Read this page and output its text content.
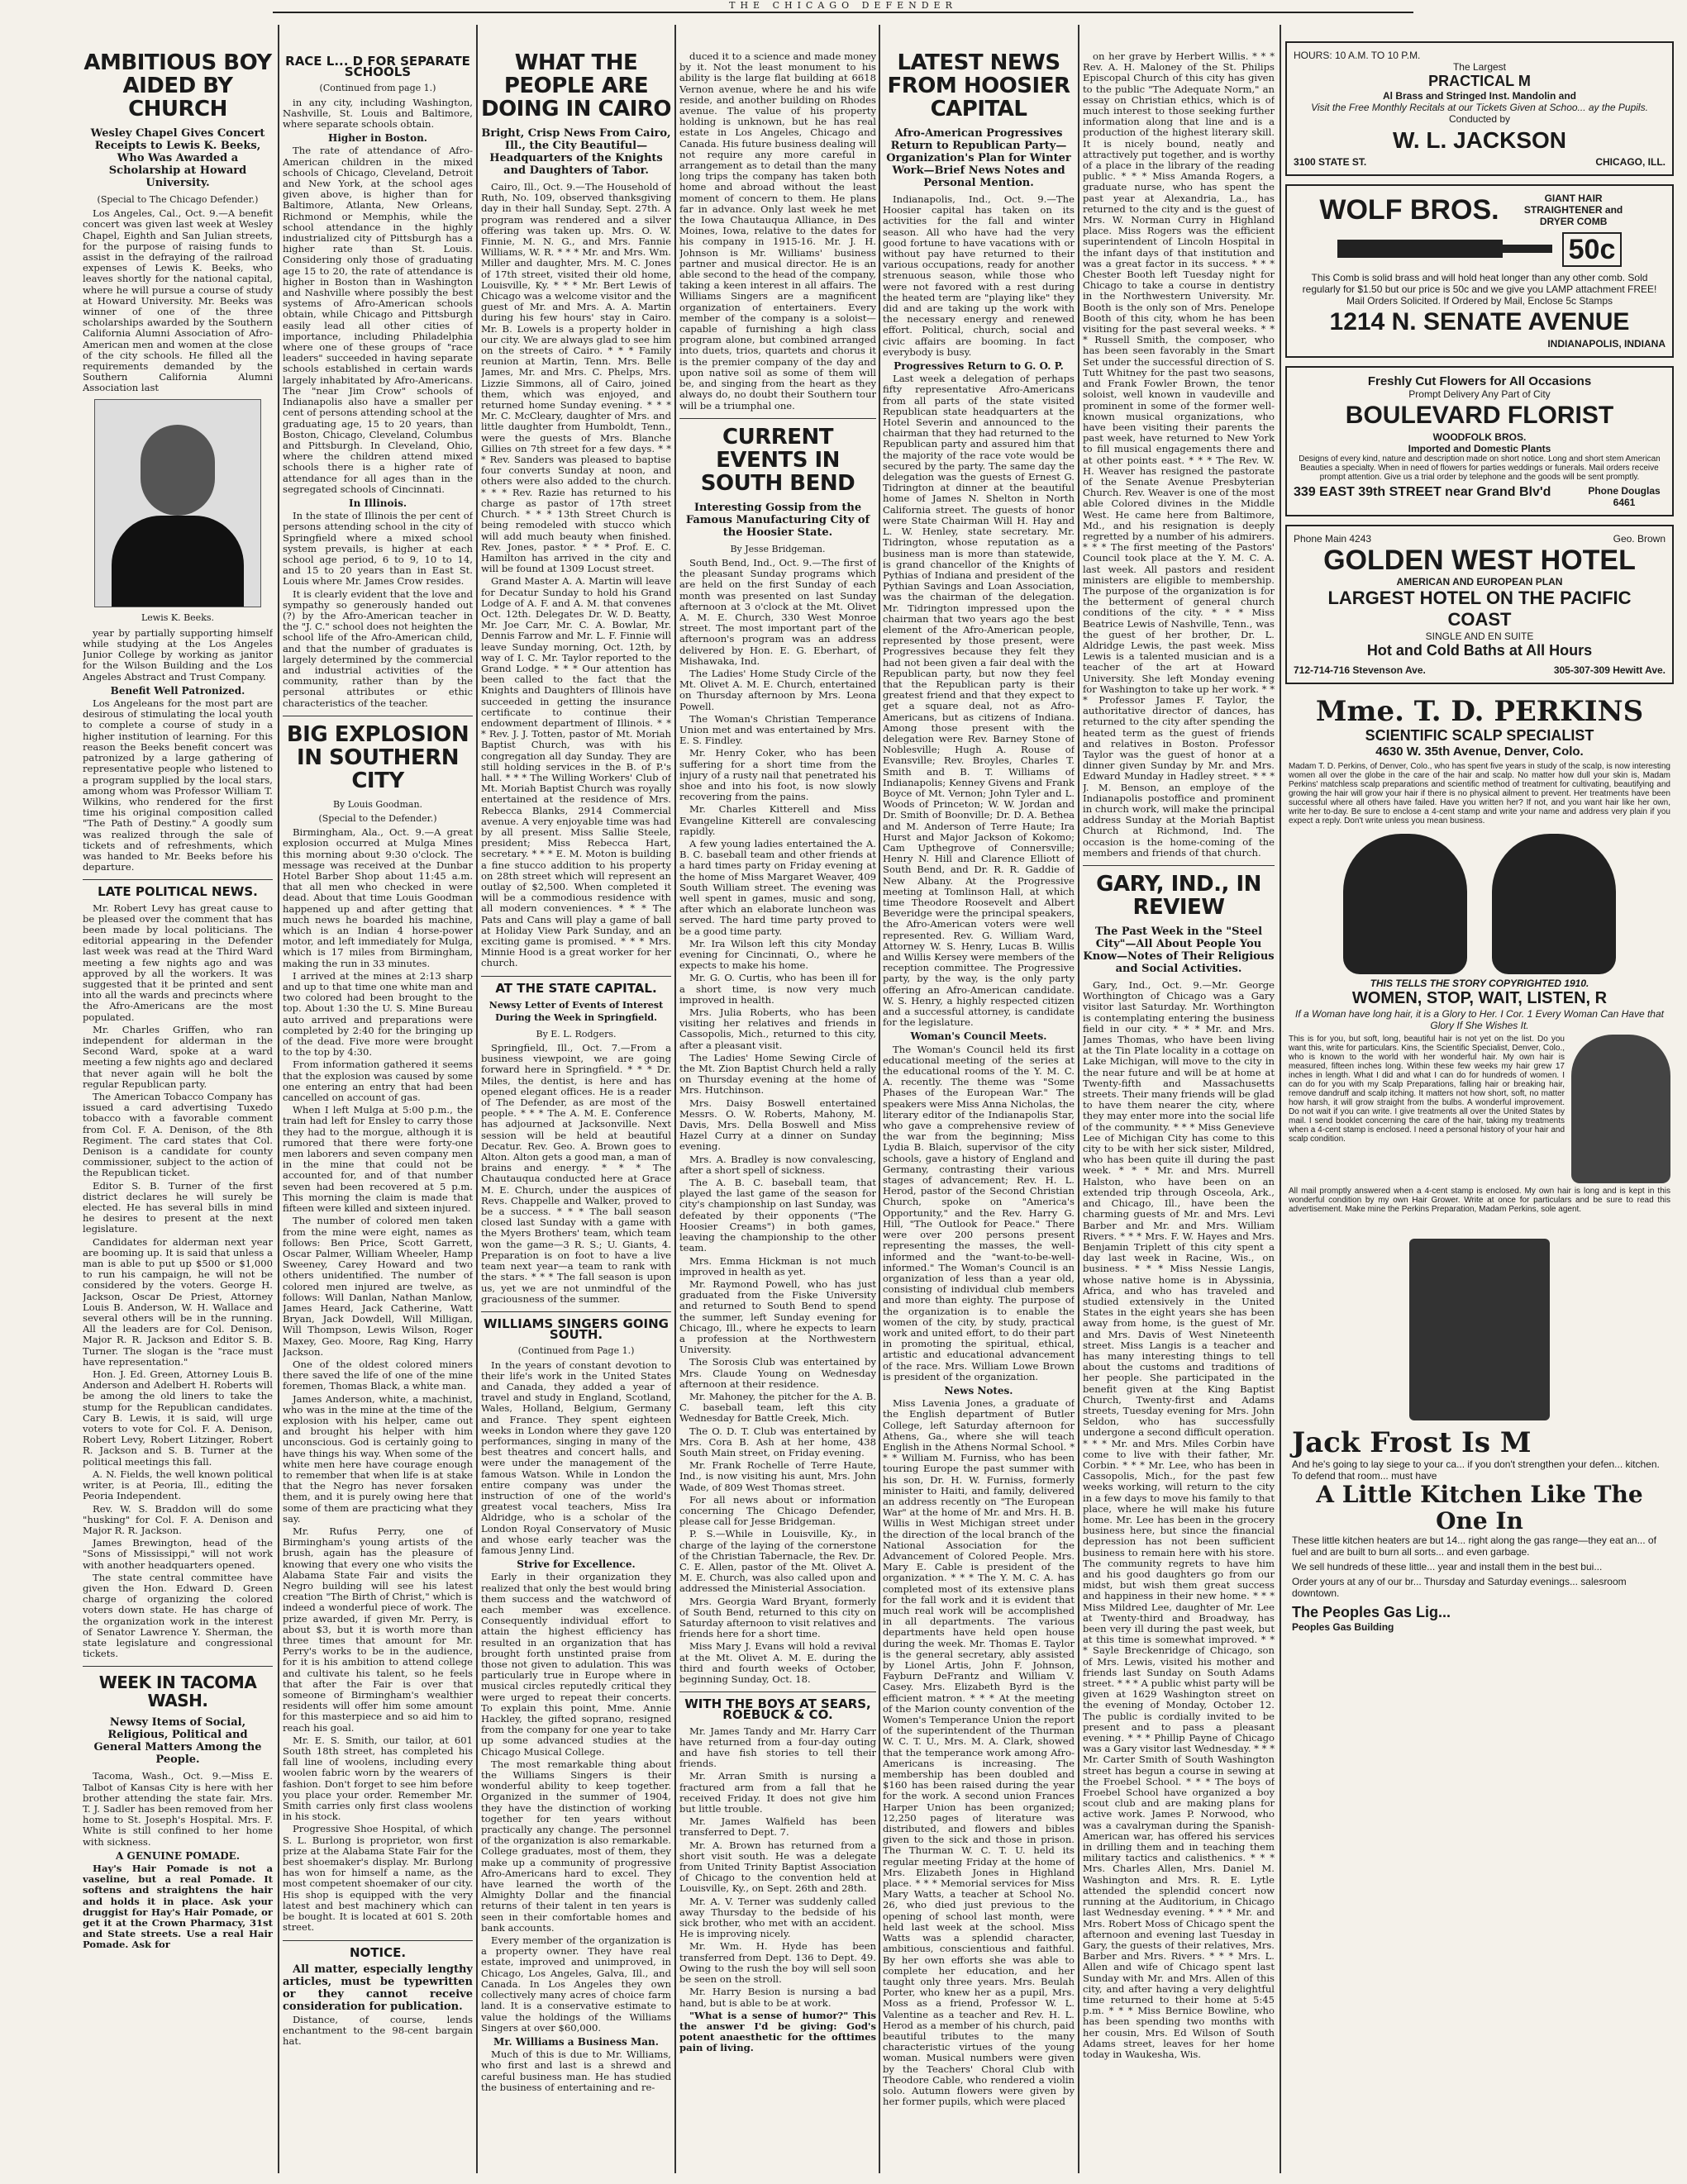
THE CHICAGO DEFENDER
AMBITIOUS BOY AIDED BY CHURCH
Wesley Chapel Gives Concert Receipts to Lewis K. Beeks, Who Was Awarded a Scholarship at Howard University.
(Special to The Chicago Defender.)

Los Angeles, Cal., Oct. 9.—A benefit concert was given last week at Wesley Chapel, Eighth and San Julian streets, for the purpose of raising funds to assist in the defraying of the railroad expenses of Lewis K. Beeks, who leaves shortly for the national capital, where he will pursue a course of study at Howard University. Mr. Beeks was winner of one of the three scholarships awarded by the Southern California Alumni Association of Afro-American men and women at the close of the city schools. He filled all the requirements demanded by the Southern California Alumni Association last

Lewis K. Beeks.

year by partially supporting himself while studying at the Los Angeles Junior College by working as janitor for the Wilson Building and the Los Angeles Abstract and Trust Company.

Benefit Well Patronized.

Los Angeleans for the most part are desirous of stimulating the local youth to complete a course of study in a higher institution of learning. For this reason the Beeks benefit concert was patronized by a large gathering of representative people who listened to a program supplied by the local stars, among whom was Professor William T. Wilkins, who rendered for the first time his original composition called "The Path of Destiny." A goodly sum was realized through the sale of tickets and of refreshments, which was handed to Mr. Beeks before his departure.

LATE POLITICAL NEWS.

Mr. Robert Levy has great cause to be pleased over the comment that has been made by local politicians. The editorial appearing in the Defender last week was read at the Third Ward meeting a few nights ago and was approved by all the workers. It was suggested that it be printed and sent into all the wards and precincts where the Afro-Americans are the most populated.

Mr. Charles Griffen, who ran independent for alderman in the Second Ward, spoke at a ward meeting a few nights ago and declared that never again will he bolt the regular Republican party.

The American Tobacco Company has issued a card advertising Tuxedo tobacco with a favorable comment from Col. F. A. Denison, of the 8th Regiment. The card states that Col. Denison is a candidate for county commissioner, subject to the action of the Republican ticket.

Editor S. B. Turner of the first district declares he will surely be elected. He has several bills in mind he desires to present at the next legislature.

Candidates for alderman next year are booming up. It is said that unless a man is able to put up $500 or $1,000 to run his campaign, he will not be considered by the voters. George H. Jackson, Oscar De Priest, Attorney Louis B. Anderson, W. H. Wallace and several others will be in the running. All the leaders are for Col. Denison, Major R. R. Jackson and Editor S. B. Turner. The slogan is the "race must have representation."

Hon. J. Ed. Green, Attorney Louis B. Anderson and Adelbert H. Roberts will be among the old liners to take the stump for the Republican candidates. Cary B. Lewis, it is said, will urge voters to vote for Col. F. A. Denison, Robert Levy, Robert Litzinger, Robert R. Jackson and S. B. Turner at the political meetings this fall.

A. N. Fields, the well known political writer, is at Peoria, Ill., editing the Peoria Independent.

Rev. W. S. Braddon will do some "husking" for Col. F. A. Denison and Major R. R. Jackson.

James Brewington, head of the "Sons of Mississippi," will not work with another headquarters opened.

The state central committee have given the Hon. Edward D. Green charge of organizing the colored voters down state. He has charge of the organization work in the interest of Senator Lawrence Y. Sherman, the state legislature and congressional tickets.

WEEK IN TACOMA WASH.
Newsy Items of Social, Religious, Political and General Matters Among the People.

Tacoma, Wash., Oct. 9.—Miss E. Talbot of Kansas City is here with her brother attending the state fair. Mrs. T. J. Sadler has been removed from her home to St. Joseph's Hospital. Mrs. F. White is still confined to her home with sickness.

A GENUINE POMADE.

Hay's Hair Pomade is not a vaseline, but a real Pomade. It softens and straightens the hair and holds it in place. Ask your druggist for Hay's Hair Pomade, or get it at the Crown Pharmacy, 31st and State streets. Use a real Hair Pomade. Ask for

RACE L... D FOR SEPARATE SCHOOLS
(Continued from page 1.)

in any city, including Washington, Nashville, St. Louis and Baltimore, where separate schools obtain.

Higher in Boston.

The rate of attendance of Afro-American children in the mixed schools of Chicago, Cleveland, Detroit and New York, at the school ages given above, is higher than for Baltimore, Atlanta, New Orleans, Richmond or Memphis, while the school attendance in the highly industrialized city of Pittsburgh has a higher rate than St. Louis. Considering only those of graduating age 15 to 20, the rate of attendance is higher in Boston than in Washington and Nashville where possibly the best systems of Afro-American schools obtain, while Chicago and Pittsburgh easily lead all other cities of importance, including Philadelphia where one of these groups of "race leaders" succeeded in having separate schools established in certain wards largely inhabitated by Afro-Americans. The "near Jim Crow" schools of Indianapolis also have a smaller per cent of persons attending school at the graduating age, 15 to 20 years, than Boston, Chicago, Cleveland, Columbus and Pittsburgh. In Cleveland, Ohio, where the children attend mixed schools there is a higher rate of attendance for all ages than in the segregated schools of Cincinnati.

In Illinois.

In the state of Illinois the per cent of persons attending school in the city of Springfield where a mixed school system prevails, is higher at each school age period, 6 to 9, 10 to 14, and 15 to 20 years than in East St. Louis where Mr. James Crow resides.

It is clearly evident that the love and sympathy so generously handed out (?) by the Afro-American teacher in the "J. C." school does not heighten the school life of the Afro-American child, and that the number of graduates is largely determined by the commercial and industrial activities of the community, rather than by the personal attributes or ethic characteristics of the teacher.

BIG EXPLOSION IN SOUTHERN CITY
By Louis Goodman.
(Special to the Defender.)

Birmingham, Ala., Oct. 9.—A great explosion occurred at Mulga Mines this morning about 9:30 o'clock. The message was received at the Dunbar Hotel Barber Shop about 11:45 a.m. that all men who checked in were dead. About that time Louis Goodman happened up and after getting that much news he boarded his machine, which is an Indian 4 horse-power motor, and left immediately for Mulga, which is 17 miles from Birmingham, making the run in 33 minutes.

I arrived at the mines at 2:13 sharp and up to that time one white man and two colored had been brought to the top. About 1:30 the U. S. Mine Bureau auto arrived and preparations were completed by 2:40 for the bringing up of the dead. Five more were brought to the top by 4:30.

From information gathered it seems that the explosion was caused by some one entering an entry that had been cancelled on account of gas.

When I left Mulga at 5:00 p.m., the train had left for Ensley to carry those they had to the morgue, although it is rumored that there were forty-one men laborers and seven company men in the mine that could not be accounted for, and of that number seven had been recovered at 5 p.m. This morning the claim is made that fifteen were killed and sixteen injured.

The number of colored men taken from the mine were eight, names as follows: Ben Price, Scott Garrett, Oscar Palmer, William Wheeler, Hamp Sweeney, Carey Howard and two others unidentified. The number of colored men injured are twelve, as follows: Will Danlan, Nathan Manlow, James Heard, Jack Catherine, Watt Bryan, Jack Dowdell, Will Milligan, Will Thompson, Lewis Wilson, Roger Maxey, Geo. Moore, Rag King, Harry Jackson.

One of the oldest colored miners there saved the life of one of the mine foremen, Thomas Black, a white man.

James Anderson, white, a machinist, who was in the mine at the time of the explosion with his helper, came out and brought his helper with him unconscious. God is certainly going to have things his way. When some of the white men here have courage enough to remember that when life is at stake that the Negro has never forsaken them, and it is purely owing here that some of them are practicing what they say.

Mr. Rufus Perry, one of Birmingham's young artists of the brush, again has the pleasure of knowing that every one who visits the Alabama State Fair and visits the Negro building will see his latest creation "The Birth of Christ," which is indeed a wonderful piece of work. The prize awarded, if given Mr. Perry, is about $3, but it is worth more than three times that amount for Mr. Perry's works to be in the audience, for it is his ambition to attend college and cultivate his talent, so he feels that after the Fair is over that someone of Birmingham's wealthier residents will offer him some amount for this masterpiece and so aid him to reach his goal.

Mr. E. S. Smith, our tailor, at 601 South 18th street, has completed his fall line of woolens, including every woolen fabric worn by the wearers of fashion. Don't forget to see him before you place your order. Remember Mr. Smith carries only first class woolens in his stock.

Progressive Shoe Hospital, of which S. L. Burlong is proprietor, won first prize at the Alabama State Fair for the best shoemaker's display. Mr. Burlong has won for himself a name, as the most competent shoemaker of our city. His shop is equipped with the very latest and best machinery which can be bought. It is located at 601 S. 20th street.

NOTICE.

All matter, especially lengthy articles, must be typewritten or they cannot receive consideration for publication.

Distance, of course, lends enchantment to the 98-cent bargain hat.

WHAT THE PEOPLE ARE DOING IN CAIRO
Bright, Crisp News From Cairo, Ill., the City Beautiful—Headquarters of the Knights and Daughters of Tabor.

Cairo, Ill., Oct. 9.—The Household of Ruth, No. 109, observed thanksgiving day in their hall Sunday, Sept. 27th. A program was rendered and a silver offering was taken up. Mrs. O. W. Finnie, M. N. G., and Mrs. Fannie Williams, W. R. * * * Mr. and Mrs. Wm. Miller and daughter, Mrs. M. C. Jones of 17th street, visited their old home, Louisville, Ky. * * * Mr. Bert Lewis of Chicago was a welcome visitor and the guest of Mr. and Mrs. A. A. Martin during his few hours' stay in Cairo. Mr. B. Lowels is a property holder in our city. We are always glad to see him on the streets of Cairo. * * * Family reunion at Martin, Tenn. Mrs. Belle James, Mr. and Mrs. C. Phelps, Mrs. Lizzie Simmons, all of Cairo, joined them, which was enjoyed, and returned home Sunday evening. * * * Mr. C. McCleary, daughter of Mrs. and little daughter from Humboldt, Tenn., were the guests of Mrs. Blanche Gillies on 7th street for a few days. * * * Rev. Sanders was pleased to baptise four converts Sunday at noon, and others were also added to the church. * * * Rev. Razie has returned to his charge as pastor of 17th street Church. * * * 13th Street Church is being remodeled with stucco which will add much beauty when finished. Rev. Jones, pastor. * * * Prof. E. C. Hamilton has arrived in the city and will be found at 1309 Locust street.

Grand Master A. A. Martin will leave for Decatur Sunday to hold his Grand Lodge of A. F. and A. M. that convenes Oct. 12th. Delegates Dr. W. D. Beatty, Mr. Joe Carr, Mr. C. A. Bowlar, Mr. Dennis Farrow and Mr. L. F. Finnie will leave Sunday morning, Oct. 12th, by way of I. C. Mr. Taylor reported to the Grand Lodge. * * * Our attention has been called to the fact that the Knights and Daughters of Illinois have succeeded in getting the insurance certificate to continue their endowment department of Illinois. * * * Rev. J. J. Totten, pastor of Mt. Moriah Baptist Church, was with his congregation all day Sunday. They are still holding services in the B. of P.'s hall. * * * The Willing Workers' Club of Mt. Moriah Baptist Church was royally entertained at the residence of Mrs. Rebecca Blanks, 2914 Commercial avenue. A very enjoyable time was had by all present. Miss Sallie Steele, president; Miss Rebecca Hart, secretary. * * * E. M. Moton is building a fine stucco addition to his property on 28th street which will represent an outlay of $2,500. When completed it will be a commodious residence with all modern conveniences. * * * The Pats and Cans will play a game of ball at Holiday View Park Sunday, and an exciting game is promised. * * * Mrs. Minnie Hood is a great worker for her church.

AT THE STATE CAPITAL.
Newsy Letter of Events of Interest During the Week in Springfield.
By E. L. Rodgers.

Springfield, Ill., Oct. 7.—From a business viewpoint, we are going forward here in Springfield. * * * Dr. Miles, the dentist, is here and has opened elegant offices. He is a reader of The Defender, as are most of the people. * * * The A. M. E. Conference has adjourned at Jacksonville. Next session will be held at beautiful Decatur. Rev. Geo. A. Brown goes to Alton. Alton gets a good man, a man of brains and energy. * * * The Chautauqua conducted here at Grace M. E. Church, under the auspices of Revs. Chappelle and Walker, proved to be a success. * * * The ball season closed last Sunday with a game with the Myers Brothers' team, which team won the game—3 R. S.; U. Giants, 4. Preparation is on foot to have a live team next year—a team to rank with the stars. * * * The fall season is upon us, yet we are not unmindful of the graciousness of the summer.

WILLIAMS SINGERS GOING SOUTH.
(Continued from Page 1.)

In the years of constant devotion to their life's work in the United States and Canada, they added a year of travel and study in England, Scotland, Wales, Holland, Belgium, Germany and France. They spent eighteen weeks in London where they gave 120 performances, singing in many of the best theatres and concert halls, and were under the management of the famous Watson. While in London the entire company was under the instruction of one of the world's greatest vocal teachers, Miss Ira Aldridge, who is a scholar of the London Royal Conservatory of Music and whose early teacher was the famous Jenny Lind.

Strive for Excellence.

Early in their organization they realized that only the best would bring them success and the watchword of each member was excellence. Consequently individual effort to attain the highest efficiency has resulted in an organization that has brought forth unstinted praise from those not given to adulation. This was particularly true in Europe where in musical circles reputedly critical they were urged to repeat their concerts. To explain this point, Mme. Annie Hackley, the gifted soprano, resigned from the company for one year to take up some advanced studies at the Chicago Musical College.

The most remarkable thing about the Williams Singers is their wonderful ability to keep together. Organized in the summer of 1904, they have the distinction of working together for ten years without practically any change. The personnel of the organization is also remarkable. College graduates, most of them, they make up a community of progressive Afro-Americans hard to excel. They have learned the worth of the Almighty Dollar and the financial returns of their talent in ten years is seen in their comfortable homes and bank accounts.

Every member of the organization is a property owner. They have real estate, improved and unimproved, in Chicago, Los Angeles, Galva, Ill., and Canada. In Los Angeles they own collectively many acres of choice farm land. It is a conservative estimate to value the holdings of the Williams Singers at over $60,000.

Mr. Williams a Business Man.

Much of this is due to Mr. Williams, who first and last is a shrewd and careful business man. He has studied the business of entertaining and re-

duced it to a science and made money by it. Not the least monument to his ability is the large flat building at 6618 Vernon avenue, where he and his wife reside, and another building on Rhodes avenue. The value of his property holding is unknown, but he has real estate in Los Angeles, Chicago and Canada. His future business dealing will not require any more careful in arrangement as to detail than the many long trips the company has taken both home and abroad without the least moment of concern to them. He plans far in advance. Only last week he met the Iowa Chautauqua Alliance, in Des Moines, Iowa, relative to the dates for his company in 1915-16. Mr. J. H. Johnson is Mr. Williams' business partner and musical director. He is an able second to the head of the company, taking a keen interest in all affairs. The Williams Singers are a magnificent organization of entertainers. Every member of the company is a soloist—capable of furnishing a high class program alone, but combined arranged into duets, trios, quartets and chorus it is the premier company of the day and upon native soil as some of them will be, and singing from the heart as they always do, no doubt their Southern tour will be a triumphal one.

CURRENT EVENTS IN SOUTH BEND
Interesting Gossip from the Famous Manufacturing City of the Hoosier State.
By Jesse Bridgeman.

South Bend, Ind., Oct. 9.—The first of the pleasant Sunday programs which are held on the first Sunday of each month was presented on last Sunday afternoon at 3 o'clock at the Mt. Olivet A. M. E. Church, 330 West Monroe street. The most important part of the afternoon's program was an address delivered by Hon. E. G. Eberhart, of Mishawaka, Ind.

The Ladies' Home Study Circle of the Mt. Olivet A. M. E. Church, entertained on Thursday afternoon by Mrs. Leona Powell.

The Woman's Christian Temperance Union met and was entertained by Mrs. E. S. Findley.

Mr. Henry Coker, who has been suffering for a short time from the injury of a rusty nail that penetrated his shoe and into his foot, is now slowly recovering from the pains.

Mr. Charles Kitterell and Miss Evangeline Kitterell are convalescing rapidly.

A few young ladies entertained the A. B. C. baseball team and other friends at a hard times party on Friday evening at the home of Miss Margaret Weaver, 409 South William street. The evening was well spent in games, music and song, after which an elaborate luncheon was served. The hard time party proved to be a good time party.

Mr. Ira Wilson left this city Monday evening for Cincinnati, O., where he expects to make his home.

Mr. G. O. Curtis, who has been ill for a short time, is now very much improved in health.

Mrs. Julia Roberts, who has been visiting her relatives and friends in Cassopolis, Mich., returned to this city, after a pleasant visit.

The Ladies' Home Sewing Circle of the Mt. Zion Baptist Church held a rally on Thursday evening at the home of Mrs. Hutchinson.

Mrs. Daisy Boswell entertained Messrs. O. W. Roberts, Mahony, M. Davis, Mrs. Della Boswell and Miss Hazel Curry at a dinner on Sunday evening.

Mrs. A. Bradley is now convalescing, after a short spell of sickness.

The A. B. C. baseball team, that played the last game of the season for city's championship on last Sunday, was defeated by their opponents ("The Hoosier Creams") in both games, leaving the championship to the other team.

Mrs. Emma Hickman is not much improved in health as yet.

Mr. Raymond Powell, who has just graduated from the Fiske University and returned to South Bend to spend the summer, left Sunday evening for Chicago, Ill., where he expects to learn a profession at the Northwestern University.

The Sorosis Club was entertained by Mrs. Claude Young on Wednesday afternoon at their residence.

Mr. Mahoney, the pitcher for the A. B. C. baseball team, left this city Wednesday for Battle Creek, Mich.

The O. D. T. Club was entertained by Mrs. Cora B. Ash at her home, 438 South Main street, on Friday evening.

Mr. Frank Rochelle of Terre Haute, Ind., is now visiting his aunt, Mrs. John Wade, of 809 West Thomas street.

For all news about or information concerning The Chicago Defender, please call for Jesse Bridgeman.

P. S.—While in Louisville, Ky., in charge of the laying of the cornerstone of the Christian Tabernacle, the Rev. Dr. C. E. Allen, pastor of the Mt. Olivet A. M. E. Church, was also called upon and addressed the Ministerial Association.

Mrs. Georgia Ward Bryant, formerly of South Bend, returned to this city on Saturday afternoon to visit relatives and friends here for a short time.

Miss Mary J. Evans will hold a revival at the Mt. Olivet A. M. E. during the third and fourth weeks of October, beginning Sunday, Oct. 18.

WITH THE BOYS AT SEARS, ROEBUCK & CO.

Mr. James Tandy and Mr. Harry Carr have returned from a four-day outing and have fish stories to tell their friends.

Mr. Arran Smith is nursing a fractured arm from a fall that he received Friday. It does not give him but little trouble.

Mr. James Walfield has been transferred to Dept. 7.

Mr. A. Brown has returned from a short visit south. He was a delegate from United Trinity Baptist Association of Chicago to the convention held at Louisville, Ky., on Sept. 26th and 28th.

Mr. A. V. Terner was suddenly called away Thursday to the bedside of his sick brother, who met with an accident. He is improving nicely.

Mr. Wm. H. Hyde has been transferred from Dept. 136 to Dept. 49. Owing to the rush the boy will sell soon be seen on the stroll.

Mr. Harry Besion is nursing a bad hand, but is able to be at work.

"What is a sense of humor?" This the answer I'd be giving: God's potent anaesthetic for the ofttimes pain of living.

LATEST NEWS FROM HOOSIER CAPITAL
Afro-American Progressives Return to Republican Party—Organization's Plan for Winter Work—Brief News Notes and Personal Mention.

Indianapolis, Ind., Oct. 9.—The Hoosier capital has taken on its activities for the fall and winter season. All who have had the very good fortune to have vacations with or without pay have returned to their various occupations, ready for another strenuous season, while those who were not favored with a rest during the heated term are "playing like" they did and are taking up the work with the necessary energy and renewed effort. Political, church, social and civic affairs are booming. In fact everybody is busy.

Progressives Return to G. O. P.

Last week a delegation of perhaps fifty representative Afro-Americans from all parts of the state visited Republican state headquarters at the Hotel Severin and announced to the chairman that they had returned to the Republican party and assured him that the majority of the race vote would be secured by the party. The same day the delegation was the guests of Ernest G. Tidrington at dinner at the beautiful home of James N. Shelton in North California street. The guests of honor were State Chairman Will H. Hay and L. W. Henley, state secretary. Mr. Tidrington, whose reputation as a business man is more than statewide, is grand chancellor of the Knights of Pythias of Indiana and president of the Pythian Savings and Loan Association, was the chairman of the delegation. Mr. Tidrington impressed upon the chairman that two years ago the best element of the Afro-American people, represented by those present, were Progressives because they felt they had not been given a fair deal with the Republican party, but now they feel that the Republican party is their greatest friend and that they expect to get a square deal, not as Afro-Americans, but as citizens of Indiana. Among those present with the delegation were Rev. Barney Stone of Noblesville; Hugh A. Rouse of Evansville; Rev. Broyles, Charles T. Smith and B. T. Williams of Indianapolis; Kenney Givens and Frank Boyce of Mt. Vernon; John Tyler and L. Woods of Princeton; W. W. Jordan and Dr. Smith of Boonville; Dr. D. A. Bethea and M. Anderson of Terre Haute; Ira Hurst and Major Jackson of Kokomo; Cam Upthegrove of Connersville; Henry N. Hill and Clarence Elliott of South Bend, and Dr. R. R. Gaddie of New Albany. At the Progressive meeting at Tomlinson Hall, at which time Theodore Roosevelt and Albert Beveridge were the principal speakers, the Afro-American voters were well represented. Rev. G. William Ward, Attorney W. S. Henry, Lucas B. Willis and Willis Kersey were members of the reception committee. The Progressive party, by the way, is the only party offering an Afro-American candidate. W. S. Henry, a highly respected citizen and a successful attorney, is candidate for the legislature.

Woman's Council Meets.

The Woman's Council held its first educational meeting of the series at the educational rooms of the Y. M. C. A. recently. The theme was "Some Phases of the European War." The speakers were Miss Anna Nicholas, the literary editor of the Indianapolis Star, who gave a comprehensive review of the war from the beginning; Miss Lydia B. Blaich, supervisor of the city schools, gave a history of England and Germany, contrasting their various stages of advancement; Rev. H. L. Herod, pastor of the Second Christian Church, spoke on "America's Opportunity," and the Rev. Harry G. Hill, "The Outlook for Peace." There were over 200 persons present representing the masses, the well-informed and the "want-to-be-well-informed." The Woman's Council is an organization of less than a year old, consisting of individual club members and more than eighty. The purpose of the organization is to enable the women of the city, by study, practical work and united effort, to do their part in promoting the spiritual, ethical, artistic and educational advancement of the race. Mrs. William Lowe Brown is president of the organization.

News Notes.

Miss Lavenia Jones, a graduate of the English department of Butler College, left Saturday afternoon for Athens, Ga., where she will teach English in the Athens Normal School. * * * William M. Furniss, who has been touring Europe the past summer with his son, Dr. H. W. Furniss, formerly minister to Haiti, and family, delivered an address recently on "The European War" at the home of Mr. and Mrs. H. B. Willis in West Michigan street under the direction of the local branch of the National Association for the Advancement of Colored People. Mrs. Mary E. Cable is president of the organization. * * * The Y. M. C. A. has completed most of its extensive plans for the fall work and it is evident that much real work will be accomplished in all departments. The various departments have held open house during the week. Mr. Thomas E. Taylor is the general secretary, ably assisted by Lionel Artis, John F. Johnson, Fayburn DeFrantz and William V. Casey. Mrs. Elizabeth Byrd is the efficient matron. * * * At the meeting of the Marion county convention of the Women's Temperance Union the report of the superintendent of the Thurman W. C. T. U., Mrs. M. A. Clark, showed that the temperance work among Afro-Americans is increasing. The membership has been doubled and $160 has been raised during the year for the work. A second union Frances Harper Union has been organized; 12,250 pages of literature was distributed, and flowers and bibles given to the sick and those in prison. The Thurman W. C. T. U. held its regular meeting Friday at the home of Mrs. Elizabeth Jones in Highland place. * * * Memorial services for Miss Mary Watts, a teacher at School No. 26, who died just previous to the opening of school last month, were held last week at the school. Miss Watts was a splendid character, ambitious, conscientious and faithful. By her own efforts she was able to complete her education, and her taught only three years. Mrs. Beulah Porter, who knew her as a pupil, Mrs. Moss as a friend, Professor W. L. Valentine as a teacher and Rev. H. L. Herod as a member of his church, paid beautiful tributes to the many characteristic virtues of the young woman. Musical numbers were given by the Teachers' Choral Club with Theodore Cable, who rendered a violin solo. Autumn flowers were given by her former pupils, which were placed

on her grave by Herbert Willis. * * * Rev. A. H. Maloney of the St. Philips Episcopal Church of this city has given to the public "The Adequate Norm," an essay on Christian ethics, which is of much interest to those seeking further information along that line and is a production of the highest literary skill. It is nicely bound, neatly and attractively put together, and is worthy of a place in the library of the reading public. * * * Miss Amanda Rogers, a graduate nurse, who has spent the past year at Alexandria, La., has returned to the city and is the guest of Mrs. W. Norman Curry in Highland place. Miss Rogers was the efficient superintendent of Lincoln Hospital in the infant days of that institution and was a great factor in its success. * * * Chester Booth left Tuesday night for Chicago to take a course in dentistry in the Northwestern University. Mr. Booth is the only son of Mrs. Penelope Booth of this city, whom he has been visiting for the past several weeks. * * * Russell Smith, the composer, who has been seen favorably in the Smart Set under the successful direction of S. Tutt Whitney for the past two seasons, and Frank Fowler Brown, the tenor soloist, well known in vaudeville and prominent in some of the former well-known musical organizations, who have been visiting their parents the past week, have returned to New York to fill musical engagements there and at other points east. * * * The Rev. W. H. Weaver has resigned the pastorate of the Senate Avenue Presbyterian Church. Rev. Weaver is one of the most able Colored divines in the Middle West. He came here from Baltimore, Md., and his resignation is deeply regretted by a number of his admirers. * * * The first meeting of the Pastors' Council took place at the Y. M. C. A. last week. All pastors and resident ministers are eligible to membership. The purpose of the organization is for the betterment of general church conditions of the city. * * * Miss Beatrice Lewis of Nashville, Tenn., was the guest of her brother, Dr. L. Aldridge Lewis, the past week. Miss Lewis is a talented musician and is a teacher of the art at Howard University. She left Monday evening for Washington to take up her work. * * * Professor James F. Taylor, the authoritative director of dances, has returned to the city after spending the heated term as the guest of friends and relatives in Boston. Professor Taylor was the guest of honor at a dinner given Sunday by Mr. and Mrs. Edward Munday in Hadley street. * * * J. M. Benson, an employe of the Indianapolis postoffice and prominent in church work, will make the principal address Sunday at the Moriah Baptist Church at Richmond, Ind. The occasion is the home-coming of the members and friends of that church.

GARY, IND., IN REVIEW
The Past Week in the "Steel City"—All About People You Know—Notes of Their Religious and Social Activities.

Gary, Ind., Oct. 9.—Mr. George Worthington of Chicago was a Gary visitor last Saturday. Mr. Worthington is contemplating entering the business field in our city. * * * Mr. and Mrs. James Thomas, who have been living at the Tin Plate locality in a cottage on Lake Michigan, will move to the city in the near future and will be at home at Twenty-fifth and Massachusetts streets. Their many friends will be glad to have them nearer the city, where they may enter more into the social life of the community. * * * Miss Genevieve Lee of Michigan City has come to this city to be with her sick sister, Mildred, who has been quite ill during the past week. * * * Mr. and Mrs. Murrell Halston, who have been on an extended trip through Osceola, Ark., and Chicago, Ill., have been the charming guests of Mr. and Mrs. Levi Barber and Mr. and Mrs. William Rivers. * * * Mrs. F. W. Hayes and Mrs. Benjamin Triplett of this city spent a day last week in Racine, Wis., on business. * * * Miss Nessie Langis, whose native home is in Abyssinia, Africa, and who has traveled and studied extensively in the United States in the eight years she has been away from home, is the guest of Mr. and Mrs. Davis of West Nineteenth street. Miss Langis is a teacher and has many interesting things to tell about the customs and traditions of her people. She participated in the benefit given at the King Baptist Church, Twenty-first and Adams streets, Tuesday evening for Mrs. John Seldon, who has successfully undergone a second difficult operation. * * * Mr. and Mrs. Miles Corbin have come to live with their father, Mr. Corbin. * * * Mr. Lee, who has been in Cassopolis, Mich., for the past few weeks working, will return to the city in a few days to move his family to that place, where he will make his future home. Mr. Lee has been in the grocery business here, but since the financial depression has not been sufficient business to remain here with his store. The community regrets to have him and his good daughters go from our midst, but wish them great success and happiness in their new home. * * * Miss Mildred Lee, daughter of Mr. Lee at Twenty-third and Broadway, has been very ill during the past week, but at this time is somewhat improved. * * * Sayle Breckenridge of Chicago, son of Mrs. Lewis, visited his mother and friends last Sunday on South Adams street. * * * A public whist party will be given at 1629 Washington street on the evening of Monday, October 12. The public is cordially invited to be present and to pass a pleasant evening. * * * Phillip Payne of Chicago was a Gary visitor last Wednesday. * * * Mr. Carter Smith of South Washington street has begun a course in sewing at the Froebel School. * * * The boys of Froebel School have organized a boy scout club and are making plans for active work. James P. Norwood, who was a cavalryman during the Spanish-American war, has offered his services in drilling them and in teaching them military tactics and calisthenics. * * * Mrs. Charles Allen, Mrs. Daniel M. Washington and Mrs. R. E. Lytle attended the splendid concert now running at the Auditorium, in Chicago last Wednesday evening. * * * Mr. and Mrs. Robert Moss of Chicago spent the afternoon and evening last Tuesday in Gary, the guests of their relatives, Mrs. Barber and Mrs. Rivers. * * * Mrs. L. Allen and wife of Chicago spent last Sunday with Mr. and Mrs. Allen of this city, and after having a very delightful time returned to their home at 5:45 p.m. * * * Miss Bernice Bowline, who has been spending two months with her cousin, Mrs. Ed Wilson of South Adams street, leaves for her home today in Waukesha, Wis.

HOURS: 10 A.M. TO 10 P.M.
The Largest
PRACTICAL M
Al Brass and Stringed Inst. Mandolin and
Visit the Free Monthly Recitals at our Tickets Given at Schoo... ay the Pupils.
Conducted by
W. L. JACKSON
3100 STATE ST.	CHICAGO, ILL.
WOLF BROS.	GIANT HAIR STRAIGHTENER and DRYER COMB
50c
This Comb is solid brass and will hold heat longer than any other comb. Sold regularly for $1.50 but our price is 50c and we give you LAMP attachment FREE! Mail Orders Solicited. If Ordered by Mail, Enclose 5c Stamps
1214 N. SENATE AVENUE
INDIANAPOLIS, INDIANA
Freshly Cut Flowers for All Occasions
Prompt Delivery Any Part of City
BOULEVARD FLORIST
WOODFOLK BROS.
Imported and Domestic Plants
Designs of every kind, nature and description made on short notice. Long and short stem American Beauties a specialty. When in need of flowers for parties weddings or funerals. Mail orders receive prompt attention. Give us a trial order by telephone and the goods will be sent promptly.
339 EAST 39th STREET near Grand Blv'd	Phone Douglas 6461
Phone Main 4243	Geo. Brown
GOLDEN WEST HOTEL
AMERICAN AND EUROPEAN PLAN
LARGEST HOTEL ON THE PACIFIC COAST
SINGLE AND EN SUITE
Hot and Cold Baths at All Hours
712-714-716 Stevenson Ave.	305-307-309 Hewitt Ave.
Mme. T. D. PERKINS
SCIENTIFIC SCALP SPECIALIST
4630 W. 35th Avenue, Denver, Colo.
Madam T. D. Perkins, of Denver, Colo., who has spent five years in study of the scalp, is now interesting women all over the globe in the care of the hair and scalp. No matter how dull your skin is, Madam Perkins' matchless scalp preparations and scientific method of treatment for cultivating, beautifying and growing the hair will grow your hair if there is no physical ailment to prevent. Her treatments have been successful where all others have failed. Have you written her? If not, and you want hair like her own, write her to-day. Be sure to enclose a 4-cent stamp and write your name and address very plain if you expect a reply. Don't write unless you mean business.
THIS TELLS THE STORY COPYRIGHTED 1910.
WOMEN, STOP, WAIT, LISTEN, R
If a Woman have long hair, it is a Glory to Her. I Cor. 1 Every Woman Can Have that Glory If She Wishes It.
This is for you, but soft, long, beautiful hair is not yet on the list. Do you want this, write for particulars. Kins, the Scientific Specialist, Denver, Colo., who is known to the world with her wonderful hair. My own hair is measured, fifteen inches long. Within these few weeks my hair grew 17 inches in length. What I did and what I can do for hundreds of women. I can do for you with my Scalp Preparations, falling hair or breaking hair, remove dandruff and scalp itching. It matters not how short, soft, no matter how harsh, it will grow straight from the bulbs. A wonderful improvement. Do not wait if you can write. I give treatments all over the United States by mail. I send booklet concerning the care of the hair, taking my treatments when a 4-cent stamp is enclosed. I need a personal history of your hair and scalp condition.
All mail promptly answered when a 4-cent stamp is enclosed. My own hair is long and is kept in this wonderful condition by my own Hair Grower. Write at once for particulars and be sure to read this advertisement. Make mine the Perkins Preparation, Madam Perkins, sole agent.
Jack Frost Is M
And he's going to lay siege to your ca... if you don't strengthen your defen... kitchen. To defend that room... must have
A Little Kitchen Like The One In
These little kitchen heaters are but 14... right along the gas range—they eat an... of fuel and are built to burn all sorts... and even garbage.
We sell hundreds of these little... year and install them in the best bui...
Order yours at any of our br... Thursday and Saturday evenings... salesroom downtown.
The Peoples Gas Lig...
Peoples Gas Building
